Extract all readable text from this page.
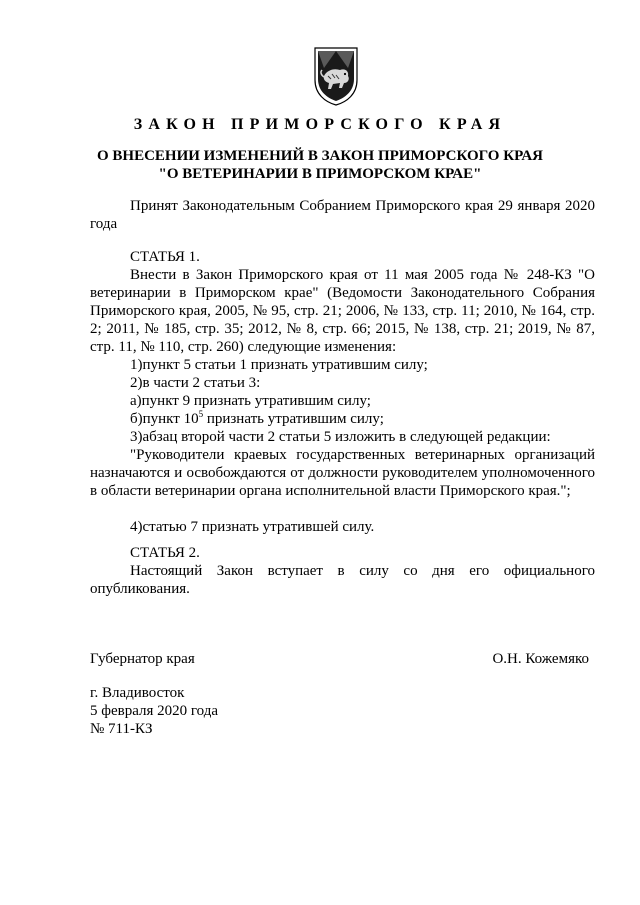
ЗАКОН ПРИМОРСКОГО КРАЯ
О ВНЕСЕНИИ ИЗМЕНЕНИЙ В ЗАКОН ПРИМОРСКОГО КРАЯ
"О ВЕТЕРИНАРИИ В ПРИМОРСКОМ КРАЕ"
Принят Законодательным Собранием Приморского края 29 января 2020 года
СТАТЬЯ 1.
Внести в Закон Приморского края от 11 мая 2005 года № 248-КЗ "О ветеринарии в Приморском крае" (Ведомости Законодательного Собрания Приморского края, 2005, № 95, стр. 21; 2006, № 133, стр. 11; 2010, № 164, стр. 2; 2011, № 185, стр. 35; 2012, № 8, стр. 66; 2015, № 138, стр. 21; 2019, № 87, стр. 11, № 110, стр. 260) следующие изменения:
1)пункт 5 статьи 1 признать утратившим силу;
2)в части 2 статьи 3:
а)пункт 9 признать утратившим силу;
б)пункт $10^5$ признать утратившим силу;
3)абзац второй части 2 статьи 5 изложить в следующей редакции:
"Руководители краевых государственных ветеринарных организаций назначаются и освобождаются от должности руководителем уполномоченного в области ветеринарии органа исполнительной власти Приморского края.";
4)статью 7 признать утратившей силу.
СТАТЬЯ 2.
Настоящий Закон вступает в силу со дня его официального опубликования.
Губернатор края	О.Н. Кожемяко
г. Владивосток
5 февраля 2020 года
№ 711-КЗ
